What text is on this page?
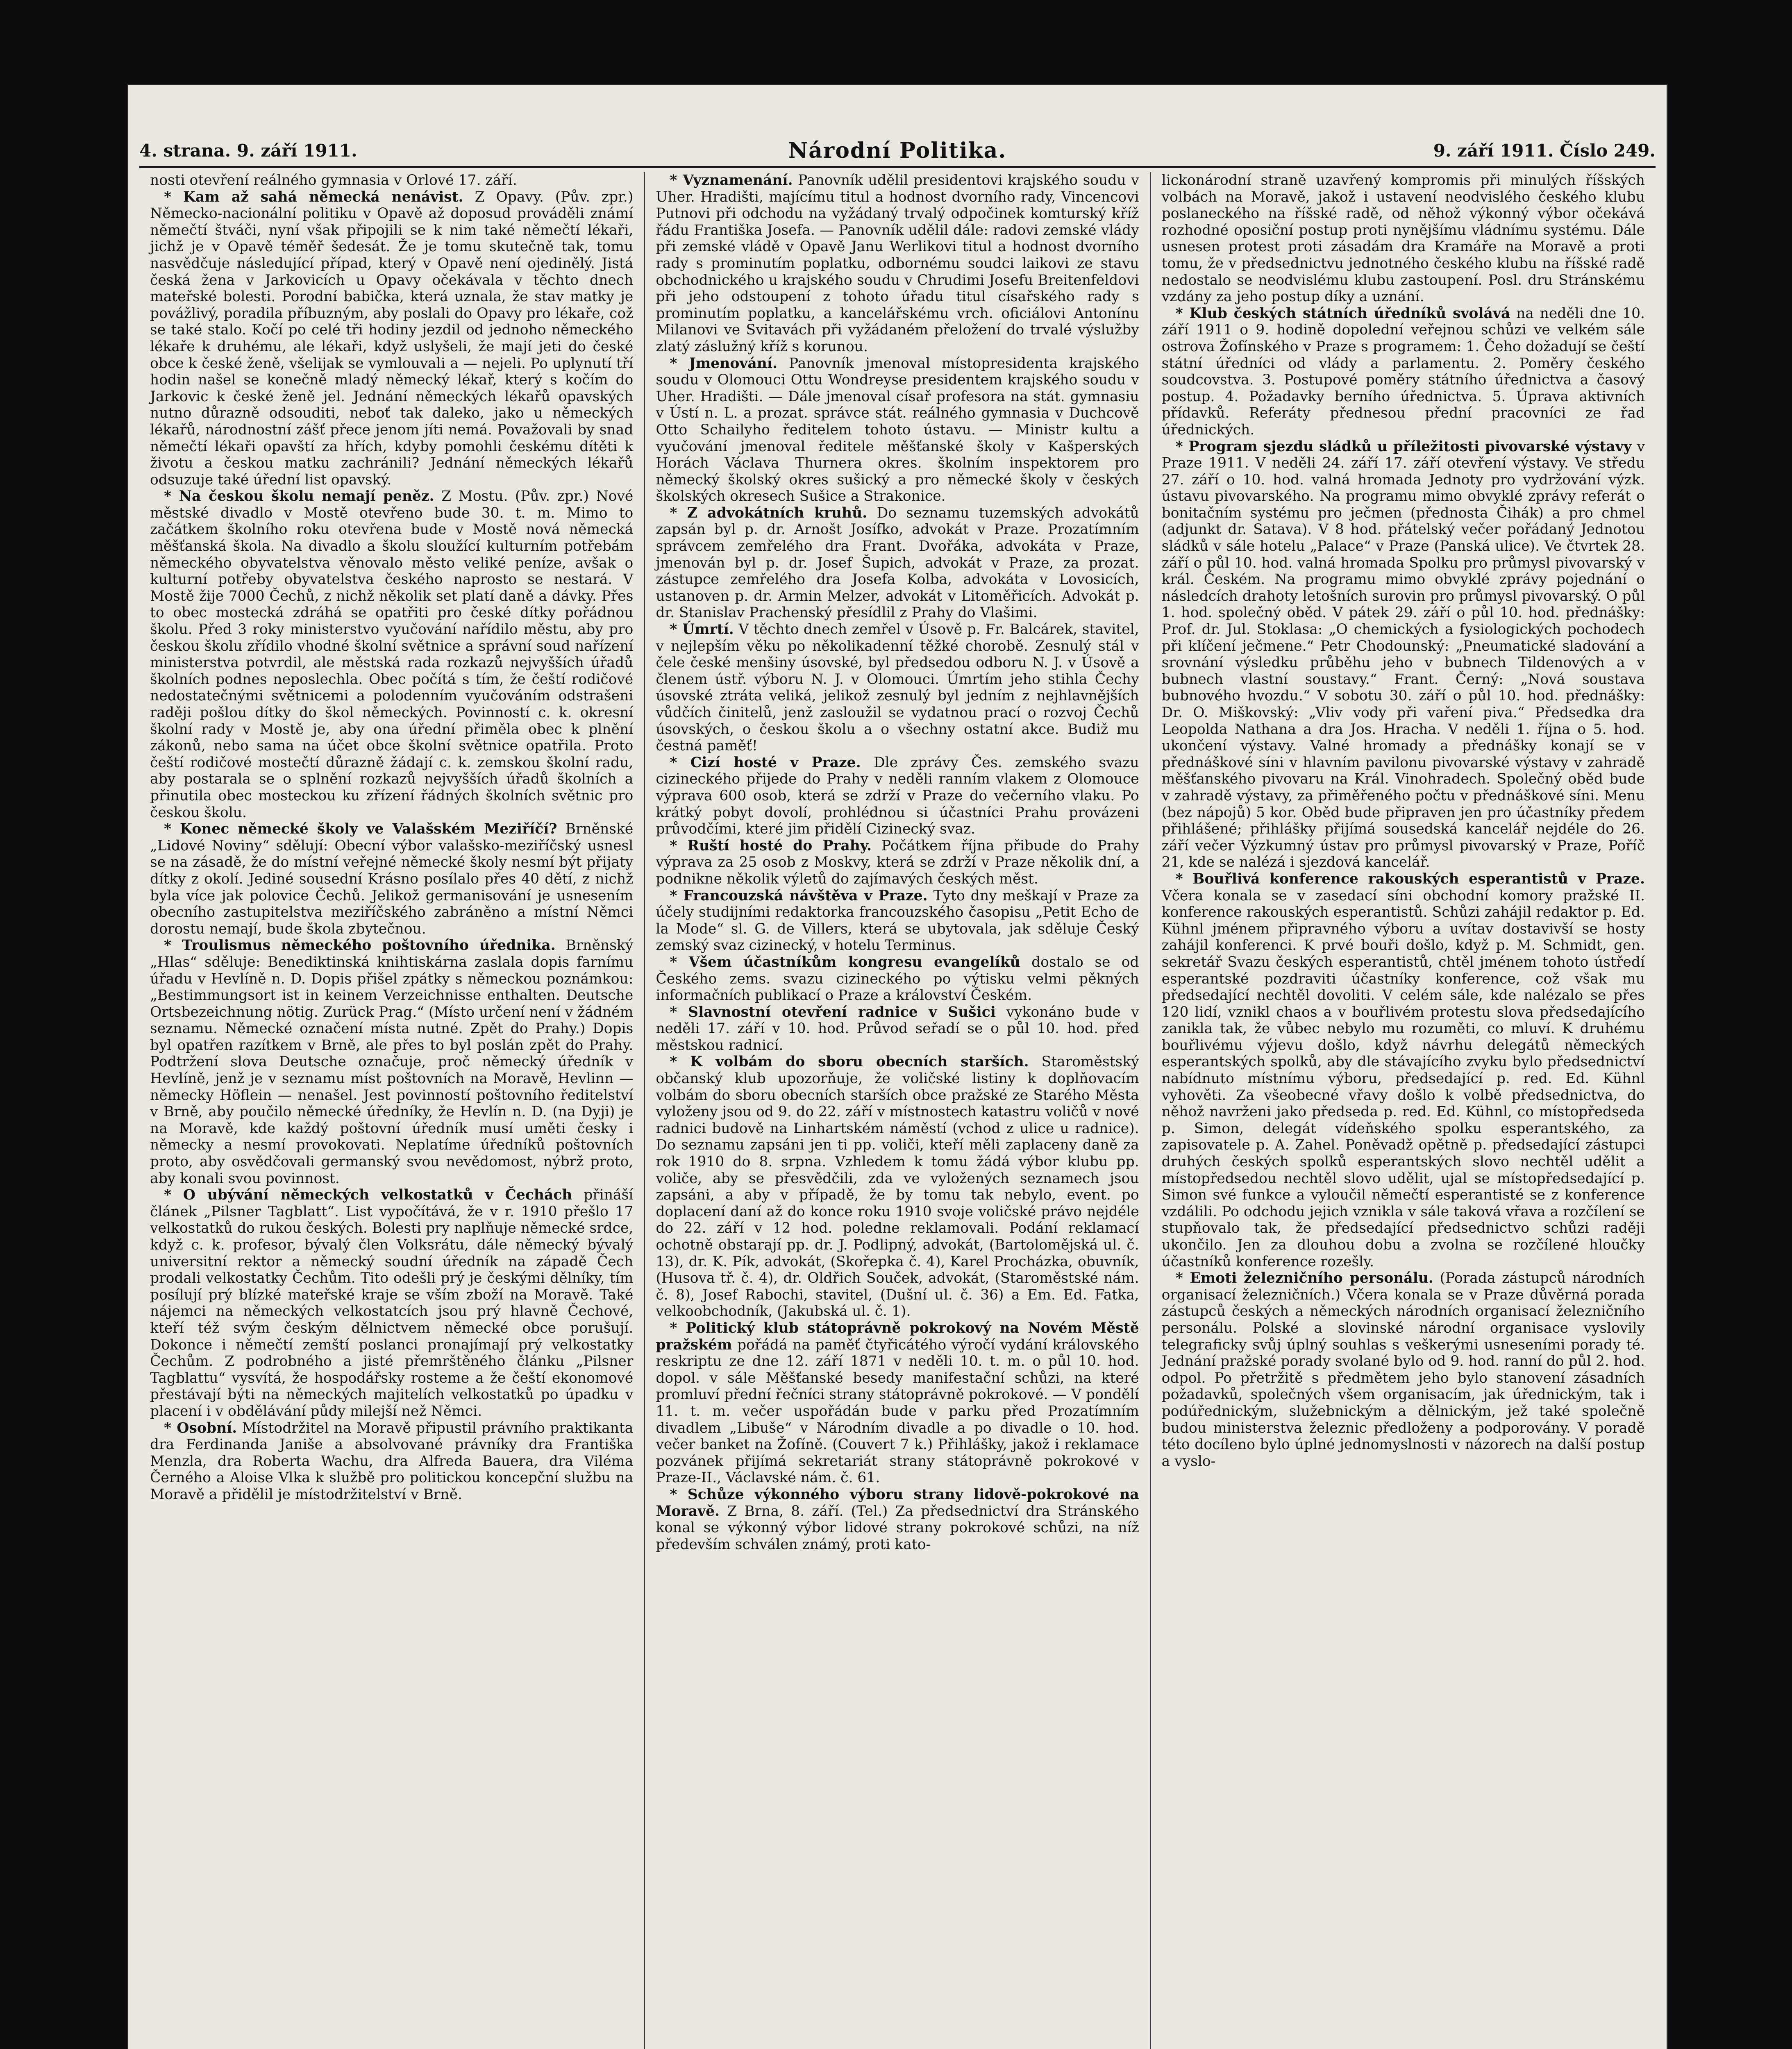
4. strana. 9. září 1911.	Národní Politika.	9. září 1911. Číslo 249.

nosti otevření reálného gymnasia v Orlové 17. září.

* Kam až sahá německá nenávist. Z Opavy. (Pův. zpr.) Německo-nacionální politiku v Opavě až doposud prováděli známí němečtí štváči, nyní však připojili se k nim také němečtí lékaři, jichž je v Opavě téměř šedesát. Že je tomu skutečně tak, tomu nasvědčuje následující případ, který v Opavě není ojedinělý. Jistá česká žena v Jarkovicích u Opavy očekávala v těchto dnech mateřské bolesti. Porodní babička, která uznala, že stav matky je povážlivý, poradila příbuzným, aby poslali do Opavy pro lékaře, což se také stalo. Kočí po celé tři hodiny jezdil od jednoho německého lékaře k druhému, ale lékaři, když uslyšeli, že mají jeti do české obce k české ženě, všelijak se vymlouvali a — nejeli. Po uplynutí tří hodin našel se konečně mladý německý lékař, který s kočím do Jarkovic k české ženě jel. Jednání německých lékařů opavských nutno důrazně odsouditi, neboť tak daleko, jako u německých lékařů, národnostní zášť přece jenom jíti nemá. Považovali by snad němečtí lékaři opavští za hřích, kdyby pomohli českému dítěti k životu a českou matku zachránili? Jednání německých lékařů odsuzuje také úřední list opavský.

* Na českou školu nemají peněz. Z Mostu. (Pův. zpr.) Nové městské divadlo v Mostě otevřeno bude 30. t. m. Mimo to začátkem školního roku otevřena bude v Mostě nová německá měšťanská škola. Na divadlo a školu sloužící kulturním potřebám německého obyvatelstva věnovalo město veliké peníze, avšak o kulturní potřeby obyvatelstva českého naprosto se nestará. V Mostě žije 7000 Čechů, z nichž několik set platí daně a dávky. Přes to obec mostecká zdráhá se opatřiti pro české dítky pořádnou školu. Před 3 roky ministerstvo vyučování nařídilo městu, aby pro českou školu zřídilo vhodné školní světnice a správní soud nařízení ministerstva potvrdil, ale městská rada rozkazů nejvyšších úřadů školních podnes neposlechla. Obec počítá s tím, že čeští rodičové nedostatečnými světnicemi a polodenním vyučováním odstrašeni raději pošlou dítky do škol německých. Povinností c. k. okresní školní rady v Mostě je, aby ona úřední přiměla obec k plnění zákonů, nebo sama na účet obce školní světnice opatřila. Proto čeští rodičové mostečtí důrazně žádají c. k. zemskou školní radu, aby postarala se o splnění rozkazů nejvyšších úřadů školních a přinutila obec mosteckou ku zřízení řádných školních světnic pro českou školu.

* Konec německé školy ve Valašském Meziříčí? Brněnské „Lidové Noviny“ sdělují: Obecní výbor valašsko-meziříčský usnesl se na zásadě, že do místní veřejné německé školy nesmí být přijaty dítky z okolí. Jediné sousední Krásno posílalo přes 40 dětí, z nichž byla více jak polovice Čechů. Jelikož germanisování je usnesením obecního zastupitelstva meziříčského zabráněno a místní Němci dorostu nemají, bude škola zbytečnou.

* Troulismus německého poštovního úřednika. Brněnský „Hlas“ sděluje: Benediktinská knihtiskárna zaslala dopis farnímu úřadu v Hevlíně n. D. Dopis přišel zpátky s německou poznámkou: „Bestimmungsort ist in keinem Verzeichnisse enthalten. Deutsche Ortsbezeichnung nötig. Zurück Prag.“ (Místo určení není v žádném seznamu. Německé označení místa nutné. Zpět do Prahy.) Dopis byl opatřen razítkem v Brně, ale přes to byl poslán zpět do Prahy. Podtržení slova Deutsche označuje, proč německý úředník v Hevlíně, jenž je v seznamu míst poštovních na Moravě, Hevlinn — německy Höflein — nenašel. Jest povinností poštovního ředitelství v Brně, aby poučilo německé úředníky, že Hevlín n. D. (na Dyji) je na Moravě, kde každý poštovní úředník musí uměti česky i německy a nesmí provokovati. Neplatíme úředníků poštovních proto, aby osvědčovali germanský svou nevědomost, nýbrž proto, aby konali svou povinnost.

* O ubývání německých velkostatků v Čechách přináší článek „Pilsner Tagblatt“. List vypočítává, že v r. 1910 přešlo 17 velkostatků do rukou českých. Bolesti pry naplňuje německé srdce, když c. k. profesor, bývalý člen Volksrátu, dále německý bývalý universitní rektor a německý soudní úředník na západě Čech prodali velkostatky Čechům. Tito odešli prý je českými dělníky, tím posílují prý blízké mateřské kraje se vším zboží na Moravě. Také nájemci na německých velkostatcích jsou prý hlavně Čechové, kteří též svým českým dělnictvem německé obce porušují. Dokonce i němečtí zemští poslanci pronajímají prý velkostatky Čechům. Z podrobného a jisté přemrštěného článku „Pilsner Tagblattu“ vysvítá, že hospodářsky rosteme a že čeští ekonomové přestávají býti na německých majitelích velkostatků po úpadku v placení i v obdělávání půdy milejší než Němci.

* Osobní. Místodržitel na Moravě připustil právního praktikanta dra Ferdinanda Janiše a absolvované právníky dra Františka Menzla, dra Roberta Wachu, dra Alfreda Bauera, dra Viléma Černého a Aloise Vlka k službě pro politickou koncepční službu na Moravě a přidělil je místodržitelství v Brně.

* Vyznamenání. Panovník udělil presidentovi krajského soudu v Uher. Hradišti, majícímu titul a hodnost dvorního rady, Vincencovi Putnovi při odchodu na vyžádaný trvalý odpočinek komturský kříž řádu Františka Josefa. — Panovník udělil dále: radovi zemské vlády při zemské vládě v Opavě Janu Werlikovi titul a hodnost dvorního rady s prominutím poplatku, odbornému soudci laikovi ze stavu obchodnického u krajského soudu v Chrudimi Josefu Breitenfeldovi při jeho odstoupení z tohoto úřadu titul císařského rady s prominutím poplatku, a kancelářskému vrch. oficiálovi Antonínu Milanovi ve Svitavách při vyžádaném přeložení do trvalé výslužby zlatý záslužný kříž s korunou.

* Jmenování. Panovník jmenoval místopresidenta krajského soudu v Olomouci Ottu Wondreyse presidentem krajského soudu v Uher. Hradišti. — Dále jmenoval císař profesora na stát. gymnasiu v Ústí n. L. a prozat. správce stát. reálného gymnasia v Duchcově Otto Schailyho ředitelem tohoto ústavu. — Ministr kultu a vyučování jmenoval ředitele měšťanské školy v Kašperských Horách Václava Thurnera okres. školním inspektorem pro německý školský okres sušický a pro německé školy v českých školských okresech Sušice a Strakonice.

* Z advokátních kruhů. Do seznamu tuzemských advokátů zapsán byl p. dr. Arnošt Josífko, advokát v Praze. Prozatímním správcem zemřelého dra Frant. Dvořáka, advokáta v Praze, jmenován byl p. dr. Josef Šupich, advokát v Praze, za prozat. zástupce zemřelého dra Josefa Kolba, advokáta v Lovosicích, ustanoven p. dr. Armin Melzer, advokát v Litoměřicích. Advokát p. dr. Stanislav Prachenský přesídlil z Prahy do Vlašimi.

* Úmrtí. V těchto dnech zemřel v Úsově p. Fr. Balcárek, stavitel, v nejlepším věku po několikadenní těžké chorobě. Zesnulý stál v čele české menšiny úsovské, byl předsedou odboru N. J. v Úsově a členem ústř. výboru N. J. v Olomouci. Úmrtím jeho stihla Čechy úsovské ztráta veliká, jelikož zesnulý byl jedním z nejhlavnějších vůdčích činitelů, jenž zasloužil se vydatnou prací o rozvoj Čechů úsovských, o českou školu a o všechny ostatní akce. Budiž mu čestná paměť!

* Cizí hosté v Praze. Dle zprávy Čes. zemského svazu cizineckého přijede do Prahy v neděli ranním vlakem z Olomouce výprava 600 osob, která se zdrží v Praze do večerního vlaku. Po krátký pobyt dovolí, prohlédnou si účastníci Prahu provázeni průvodčími, které jim přidělí Cizinecký svaz.

* Ruští hosté do Prahy. Počátkem října přibude do Prahy výprava za 25 osob z Moskvy, která se zdrží v Praze několik dní, a podnikne několik výletů do zajímavých českých měst.

* Francouzská návštěva v Praze. Tyto dny meškají v Praze za účely studijními redaktorka francouzského časopisu „Petit Echo de la Mode“ sl. G. de Villers, která se ubytovala, jak sděluje Český zemský svaz cizinecký, v hotelu Terminus.

* Všem účastníkům kongresu evangelíků dostalo se od Českého zems. svazu cizineckého po výtisku velmi pěkných informačních publikací o Praze a království Českém.

* Slavnostní otevření radnice v Sušici vykonáno bude v neděli 17. září v 10. hod. Průvod seřadí se o půl 10. hod. před městskou radnicí.

* K volbám do sboru obecních starších. Staroměstský občanský klub upozorňuje, že voličské listiny k doplňovacím volbám do sboru obecních starších obce pražské ze Starého Města vyloženy jsou od 9. do 22. září v místnostech katastru voličů v nové radnici budově na Linhartském náměstí (vchod z ulice u radnice). Do seznamu zapsáni jen ti pp. voliči, kteří měli zaplaceny daně za rok 1910 do 8. srpna. Vzhledem k tomu žádá výbor klubu pp. voliče, aby se přesvědčili, zda ve vyložených seznamech jsou zapsáni, a aby v případě, že by tomu tak nebylo, event. po doplacení daní až do konce roku 1910 svoje voličské právo nejdéle do 22. září v 12 hod. poledne reklamovali. Podání reklamací ochotně obstarají pp. dr. J. Podlipný, advokát, (Bartolomějská ul. č. 13), dr. K. Pík, advokát, (Skořepka č. 4), Karel Procházka, obuvník, (Husova tř. č. 4), dr. Oldřich Souček, advokát, (Staroměstské nám. č. 8), Josef Rabochi, stavitel, (Dušní ul. č. 36) a Em. Ed. Fatka, velkoobchodník, (Jakubská ul. č. 1).

* Politický klub státoprávně pokrokový na Novém Městě pražském pořádá na paměť čtyřicátého výročí vydání královského reskriptu ze dne 12. září 1871 v neděli 10. t. m. o půl 10. hod. dopol. v sále Měšťanské besedy manifestační schůzi, na které promluví přední řečníci strany státoprávně pokrokové. — V pondělí 11. t. m. večer uspořádán bude v parku před Prozatímním divadlem „Libuše“ v Národním divadle a po divadle o 10. hod. večer banket na Žofíně. (Couvert 7 k.) Přihlášky, jakož i reklamace pozvánek přijímá sekretariát strany státoprávně pokrokové v Praze-II., Václavské nám. č. 61.

* Schůze výkonného výboru strany lidově-pokrokové na Moravě. Z Brna, 8. září. (Tel.) Za předsednictví dra Stránského konal se výkonný výbor lidové strany pokrokové schůzi, na níž především schválen známý, proti kato-

lickonárodní straně uzavřený kompromis při minulých říšských volbách na Moravě, jakož i ustavení neodvislého českého klubu poslaneckého na říšské radě, od něhož výkonný výbor očekává rozhodné oposiční postup proti nynějšímu vládnímu systému. Dále usnesen protest proti zásadám dra Kramáře na Moravě a proti tomu, že v předsednictvu jednotného českého klubu na říšské radě nedostalo se neodvislému klubu zastoupení. Posl. dru Stránskému vzdány za jeho postup díky a uznání.

* Klub českých státních úředníků svolává na neděli dne 10. září 1911 o 9. hodině dopolední veřejnou schůzi ve velkém sále ostrova Žofínského v Praze s programem: 1. Čeho dožadují se čeští státní úředníci od vlády a parlamentu. 2. Poměry českého soudcovstva. 3. Postupové poměry státního úřednictva a časový postup. 4. Požadavky berního úřednictva. 5. Úprava aktivních přídavků. Referáty přednesou přední pracovníci ze řad úřednických.

* Program sjezdu sládků u příležitosti pivovarské výstavy v Praze 1911. V neděli 24. září 17. září otevření výstavy. Ve středu 27. září o 10. hod. valná hromada Jednoty pro vydržování výzk. ústavu pivovarského. Na programu mimo obvyklé zprávy referát o bonitačním systému pro ječmen (přednosta Čihák) a pro chmel (adjunkt dr. Satava). V 8 hod. přátelský večer pořádaný Jednotou sládků v sále hotelu „Palace“ v Praze (Panská ulice). Ve čtvrtek 28. září o půl 10. hod. valná hromada Spolku pro průmysl pivovarský v král. Českém. Na programu mimo obvyklé zprávy pojednání o následcích drahoty letošních surovin pro průmysl pivovarský. O půl 1. hod. společný oběd. V pátek 29. září o půl 10. hod. přednášky: Prof. dr. Jul. Stoklasa: „O chemických a fysiologických pochodech při klíčení ječmene.“ Petr Chodounský: „Pneumatické sladování a srovnání výsledku průběhu jeho v bubnech Tildenových a v bubnech vlastní soustavy.“ Frant. Černý: „Nová soustava bubnového hvozdu.“ V sobotu 30. září o půl 10. hod. přednášky: Dr. O. Miškovský: „Vliv vody při vaření piva.“ Předsedka dra Leopolda Nathana a dra Jos. Hracha. V neděli 1. října o 5. hod. ukončení výstavy. Valné hromady a přednášky konají se v přednáškové síni v hlavním pavilonu pivovarské výstavy v zahradě měšťanského pivovaru na Král. Vinohradech. Společný oběd bude v zahradě výstavy, za přiměřeného počtu v přednáškové síni. Menu (bez nápojů) 5 kor. Oběd bude připraven jen pro účastníky předem přihlášené; přihlášky přijímá sousedská kancelář nejdéle do 26. září večer Výzkumný ústav pro průmysl pivovarský v Praze, Poříč 21, kde se nalézá i sjezdová kancelář.

* Bouřlivá konference rakouských esperantistů v Praze. Včera konala se v zasedací síni obchodní komory pražské II. konference rakouských esperantistů. Schůzi zahájil redaktor p. Ed. Kühnl jménem připravného výboru a uvítav dostavivší se hosty zahájil konferenci. K prvé bouři došlo, když p. M. Schmidt, gen. sekretář Svazu českých esperantistů, chtěl jménem tohoto ústředí esperantské pozdraviti účastníky konference, což však mu předsedající nechtěl dovoliti. V celém sále, kde nalézalo se přes 120 lidí, vznikl chaos a v bouřlivém protestu slova předsedajícího zanikla tak, že vůbec nebylo mu rozuměti, co mluví. K druhému bouřlivému výjevu došlo, když návrhu delegátů německých esperantských spolků, aby dle stávajícího zvyku bylo předsednictví nabídnuto místnímu výboru, předsedající p. red. Ed. Kühnl vyhověti. Za všeobecné vřavy došlo k volbě předsednictva, do něhož navrženi jako předseda p. red. Ed. Kühnl, co místopředseda p. Simon, delegát vídeňského spolku esperantského, za zapisovatele p. A. Zahel. Poněvadž opětně p. předsedající zástupci druhých českých spolků esperantských slovo nechtěl udělit a místopředsedou nechtěl slovo udělit, ujal se místopředsedající p. Simon své funkce a vyloučil němečtí esperantisté se z konference vzdálili. Po odchodu jejich vznikla v sále taková vřava a rozčílení se stupňovalo tak, že předsedající předsednictvo schůzi raději ukončilo. Jen za dlouhou dobu a zvolna se rozčílené hloučky účastníků konference rozešly.

* Emoti železničního personálu. (Porada zástupců národních organisací železničních.) Včera konala se v Praze důvěrná porada zástupců českých a německých národních organisací železničního personálu. Polské a slovinské národní organisace vyslovily telegraficky svůj úplný souhlas s veškerými usneseními porady té. Jednání pražské porady svolané bylo od 9. hod. ranní do půl 2. hod. odpol. Po přetržitě s předmětem jeho bylo stanovení zásadních požadavků, společných všem organisacím, jak úřednickým, tak i podúřednickým, služebnickým a dělnickým, jež také společně budou ministerstva železnic předloženy a podporovány. V poradě této docíleno bylo úplné jednomyslnosti v názorech na další postup a vyslo-
